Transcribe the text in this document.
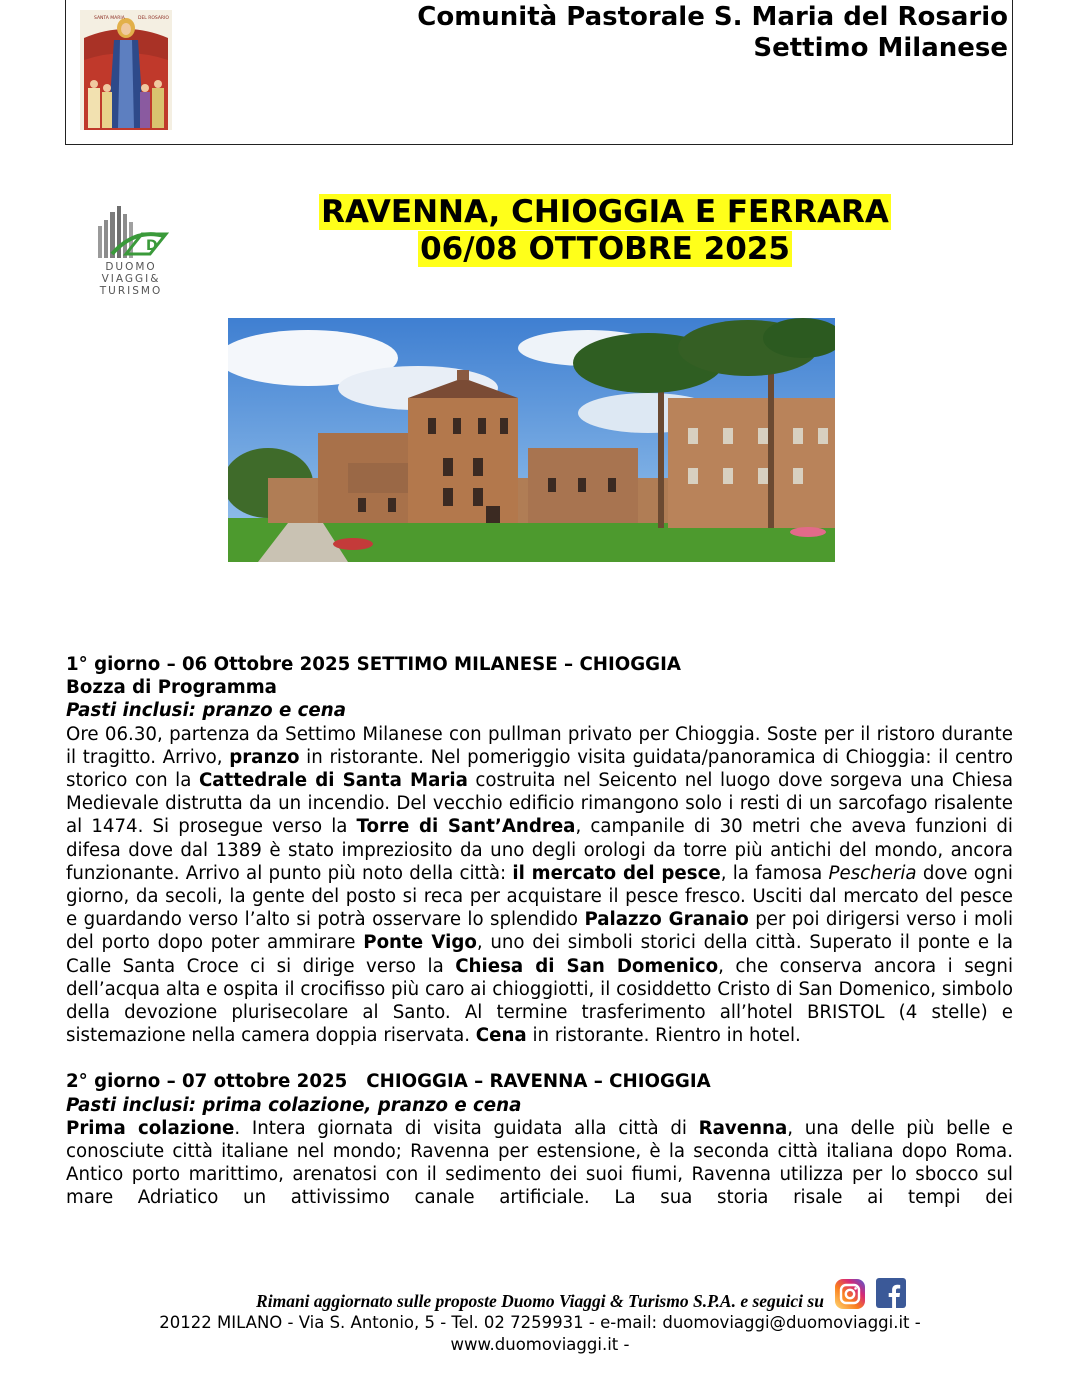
SANTA MARIA	DEL ROSARIO	Comunità Pastorale S. Maria del Rosario
Settimo Milanese
D
DUOMO
VIAGGI&
TURISMO
RAVENNA, CHIOGGIA E FERRARA
06/08 OTTOBRE 2025

1° giorno – 06 Ottobre 2025 SETTIMO MILANESE – CHIOGGIA

Bozza di Programma

Pasti inclusi: pranzo e cena

Ore 06.30, partenza da Settimo Milanese con pullman privato per Chioggia. Soste per il ristoro durante il tragitto. Arrivo, pranzo in ristorante. Nel pomeriggio visita guidata/panoramica di Chioggia: il centro storico con la Cattedrale di Santa Maria costruita nel Seicento nel luogo dove sorgeva una Chiesa Medievale distrutta da un incendio. Del vecchio edificio rimangono solo i resti di un sarcofago risalente al 1474. Si prosegue verso la Torre di Sant’Andrea, campanile di 30 metri che aveva funzioni di difesa dove dal 1389 è stato impreziosito da uno degli orologi da torre più antichi del mondo, ancora funzionante. Arrivo al punto più noto della città: il mercato del pesce, la famosa Pescheria dove ogni giorno, da secoli, la gente del posto si reca per acquistare il pesce fresco. Usciti dal mercato del pesce e guardando verso l’alto si potrà osservare lo splendido Palazzo Granaio per poi dirigersi verso i moli del porto dopo poter ammirare Ponte Vigo, uno dei simboli storici della città. Superato il ponte e la Calle Santa Croce ci si dirige verso la Chiesa di San Domenico, che conserva ancora i segni dell’acqua alta e ospita il crocifisso più caro ai chioggiotti, il cosiddetto Cristo di San Domenico, simbolo della devozione plurisecolare al Santo. Al termine trasferimento all’hotel BRISTOL (4 stelle) e sistemazione nella camera doppia riservata. Cena in ristorante. Rientro in hotel.

2° giorno – 07 ottobre 2025   CHIOGGIA – RAVENNA – CHIOGGIA

Pasti inclusi: prima colazione, pranzo e cena

Prima colazione. Intera giornata di visita guidata alla città di Ravenna, una delle più belle e conosciute città italiane nel mondo; Ravenna per estensione, è la seconda città italiana dopo Roma. Antico porto marittimo, arenatosi con il sedimento dei suoi fiumi, Ravenna utilizza per lo sbocco sul mare Adriatico un attivissimo canale artificiale. La sua storia risale ai tempi dei

Rimani aggiornato sulle proposte Duomo Viaggi & Turismo S.P.A. e seguici su
20122 MILANO - Via S. Antonio, 5 - Tel. 02 7259931 - e-mail: duomoviaggi@duomoviaggi.it -
www.duomoviaggi.it -
